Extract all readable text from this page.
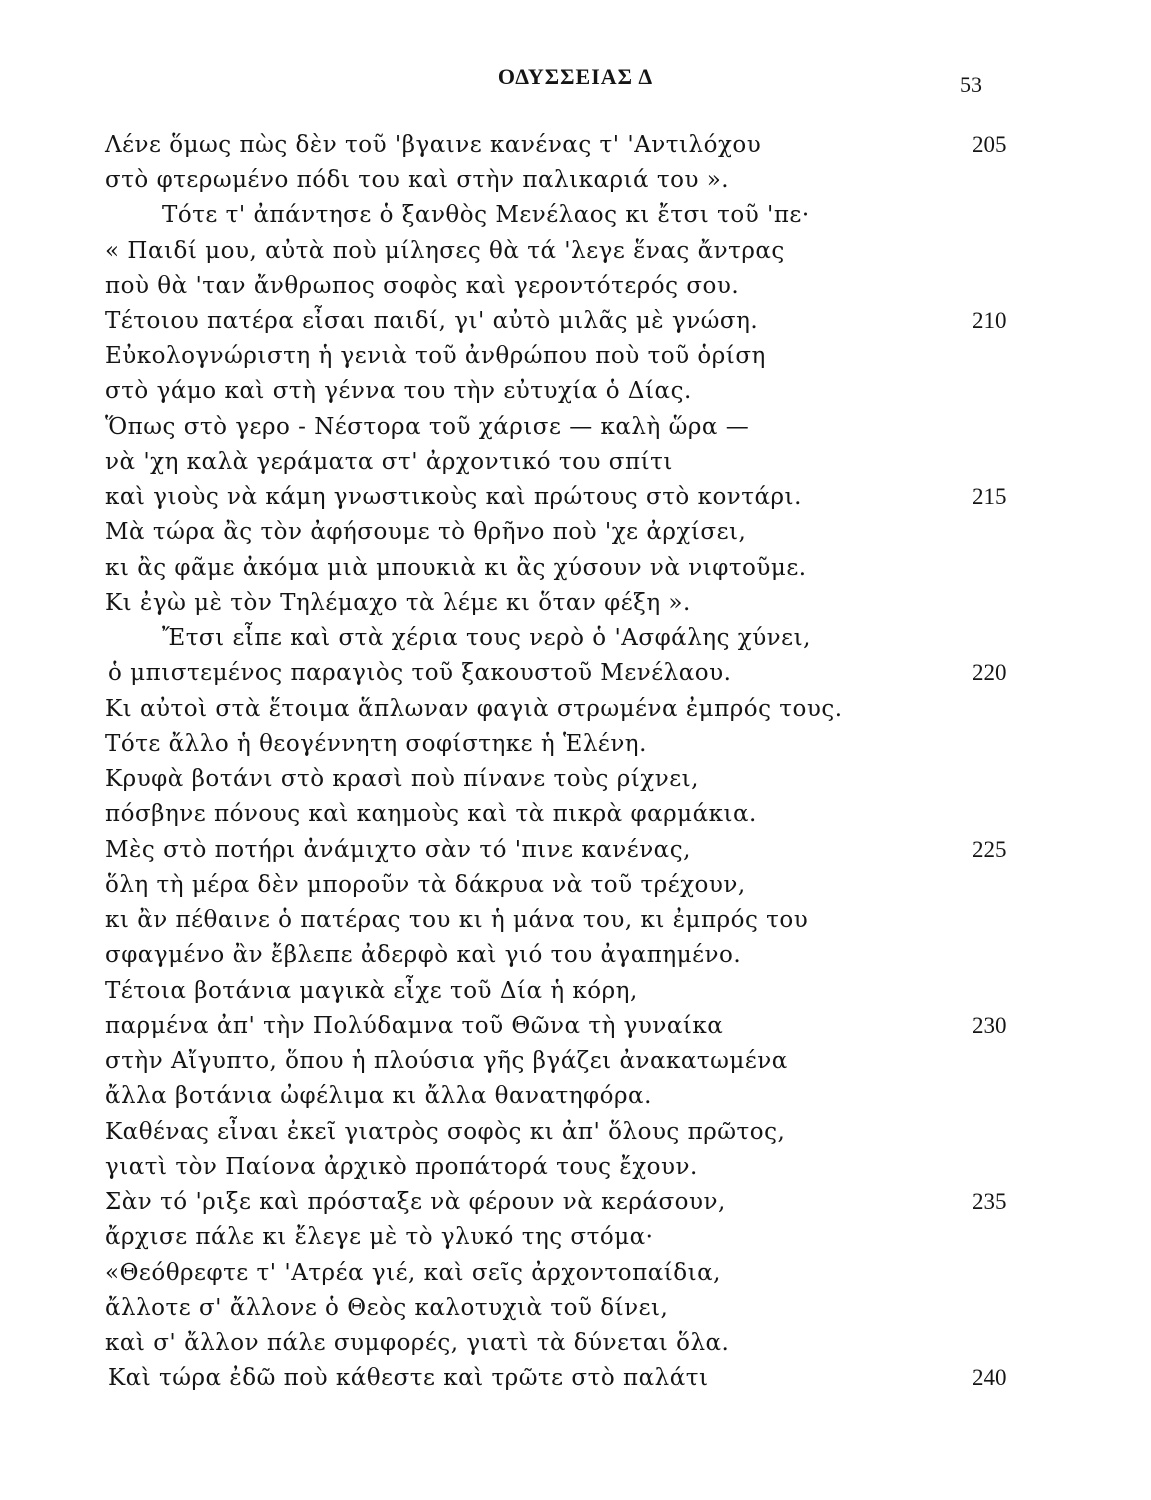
ΟΔΥΣΣΕΙΑΣ Δ	53
Λένε ὅμως πὼς δὲν τοῦ 'βγαινε κανένας τ' 'Αντιλόχου	205
στὸ φτερωμένο πόδι του καὶ στὴν παλικαριά του ».
Τότε τ' ἀπάντησε ὁ ξανθὸς Μενέλαος κι ἔτσι τοῦ 'πε·
« Παιδί μου, αὐτὰ ποὺ μίλησες θὰ τά 'λεγε ἕνας ἄντρας
ποὺ θὰ 'ταν ἄνθρωπος σοφὸς καὶ γεροντότερός σου.
Τέτοιου πατέρα εἶσαι παιδί, γι' αὐτὸ μιλᾶς μὲ γνώση.	210
Εὐκολογνώριστη ἡ γενιὰ τοῦ ἀνθρώπου ποὺ τοῦ ὁρίση
στὸ γάμο καὶ στὴ γέννα του τὴν εὐτυχία ὁ Δίας.
Ὅπως στὸ γερο - Νέστορα τοῦ χάρισε — καλὴ ὥρα —
νὰ 'χη καλὰ γεράματα στ' ἀρχοντικό του σπίτι
καὶ γιοὺς νὰ κάμη γνωστικοὺς καὶ πρώτους στὸ κοντάρι.	215
Μὰ τώρα ἂς τὸν ἀφήσουμε τὸ θρῆνο ποὺ 'χε ἀρχίσει,
κι ἂς φᾶμε ἀκόμα μιὰ μπουκιὰ κι ἂς χύσουν νὰ νιφτοῦμε.
Κι ἐγὼ μὲ τὸν Τηλέμαχο τὰ λέμε κι ὅταν φέξη ».
Ἔτσι εἶπε καὶ στὰ χέρια τους νερὸ ὁ 'Ασφάλης χύνει,
ὁ μπιστεμένος παραγιὸς τοῦ ξακουστοῦ Μενέλαου.	220
Κι αὐτοὶ στὰ ἕτοιμα ἅπλωναν φαγιὰ στρωμένα ἐμπρός τους.
Τότε ἄλλο ἡ θεογέννητη σοφίστηκε ἡ Ἑλένη.
Κρυφὰ βοτάνι στὸ κρασὶ ποὺ πίνανε τοὺς ρίχνει,
πόσβηνε πόνους καὶ καημοὺς καὶ τὰ πικρὰ φαρμάκια.
Μὲς στὸ ποτήρι ἀνάμιχτο σὰν τό 'πινε κανένας,	225
ὅλη τὴ μέρα δὲν μποροῦν τὰ δάκρυα νὰ τοῦ τρέχουν,
κι ἂν πέθαινε ὁ πατέρας του κι ἡ μάνα του, κι ἐμπρός του
σφαγμένο ἂν ἔβλεπε ἀδερφὸ καὶ γιό του ἀγαπημένο.
Τέτοια βοτάνια μαγικὰ εἶχε τοῦ Δία ἡ κόρη,
παρμένα ἀπ' τὴν Πολύδαμνα τοῦ Θῶνα τὴ γυναίκα	230
στὴν Αἴγυπτο, ὅπου ἡ πλούσια γῆς βγάζει ἀνακατωμένα
ἄλλα βοτάνια ὠφέλιμα κι ἄλλα θανατηφόρα.
Καθένας εἶναι ἐκεῖ γιατρὸς σοφὸς κι ἀπ' ὅλους πρῶτος,
γιατὶ τὸν Παίονα ἀρχικὸ προπάτορά τους ἔχουν.
Σὰν τό 'ριξε καὶ πρόσταξε νὰ φέρουν νὰ κεράσουν,	235
ἄρχισε πάλε κι ἔλεγε μὲ τὸ γλυκό της στόμα·
«Θεόθρεφτε τ' 'Ατρέα γιέ, καὶ σεῖς ἀρχοντοπαίδια,
ἄλλοτε σ' ἄλλονε ὁ Θεὸς καλοτυχιὰ τοῦ δίνει,
καὶ σ' ἄλλον πάλε συμφορές, γιατὶ τὰ δύνεται ὅλα.
Καὶ τώρα ἐδῶ ποὺ κάθεστε καὶ τρῶτε στὸ παλάτι	240
